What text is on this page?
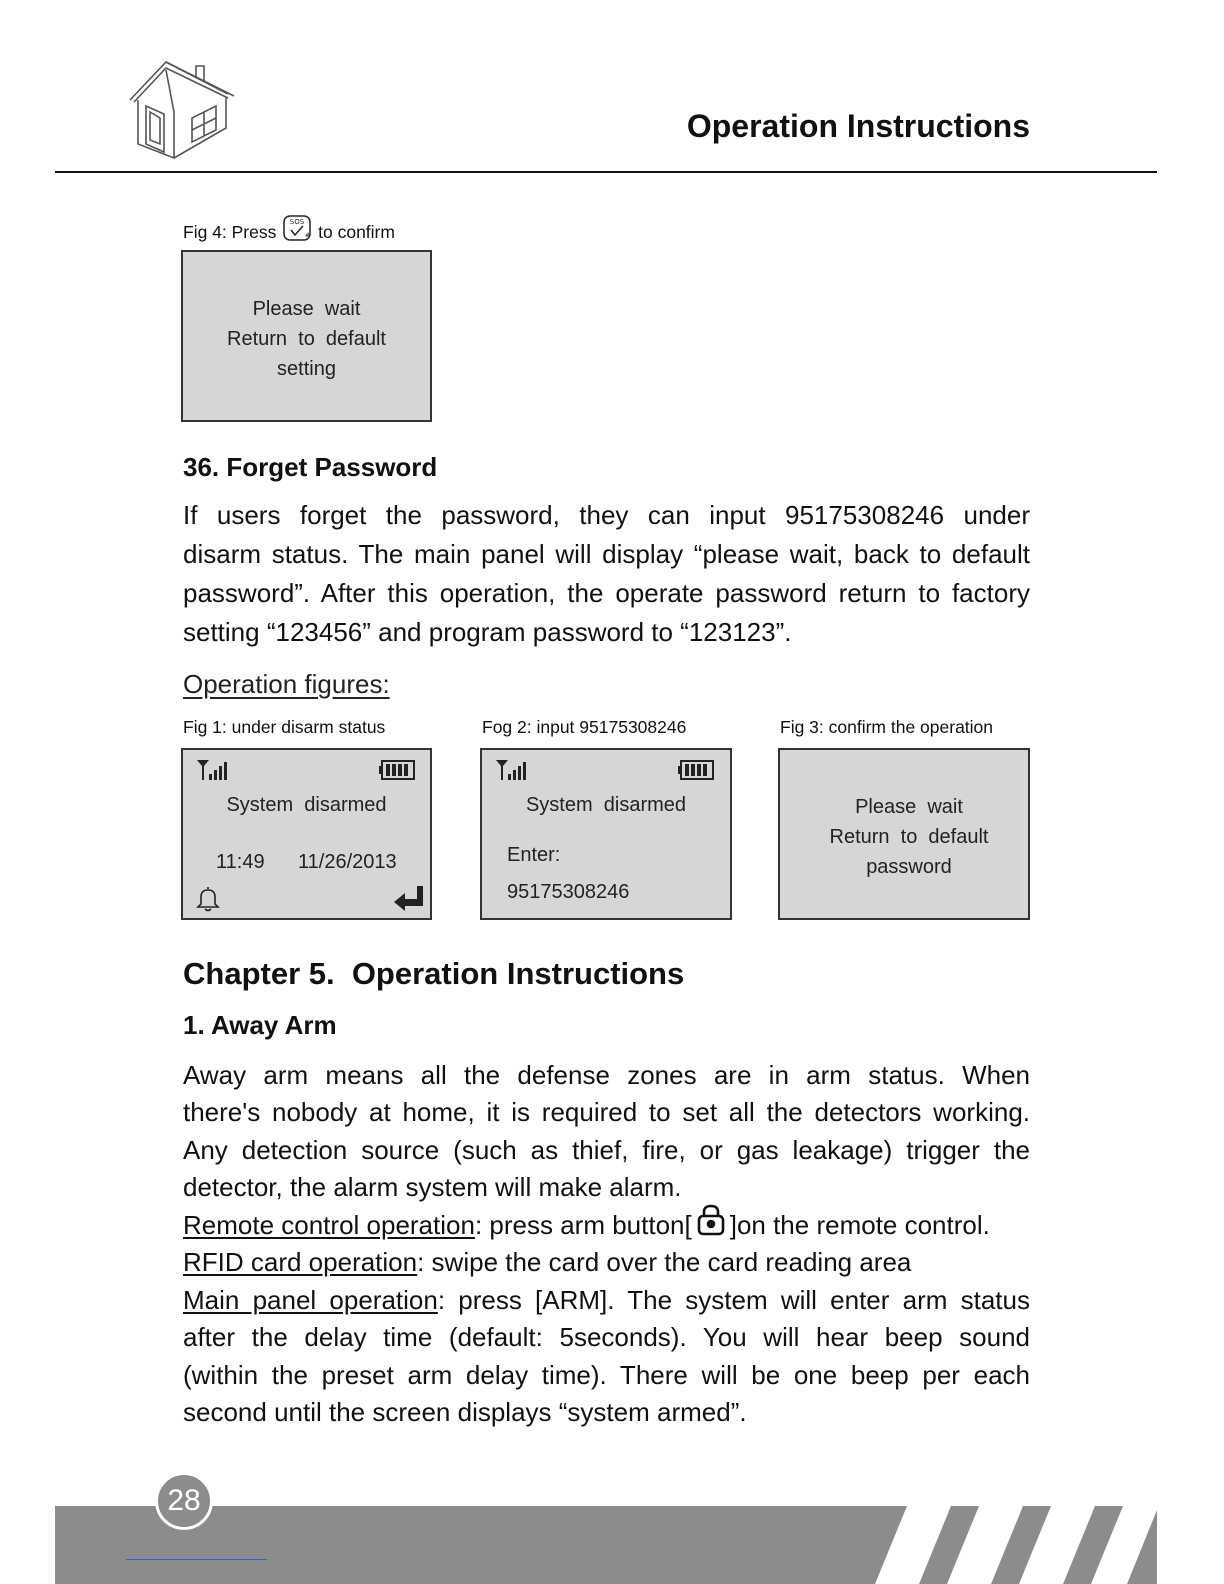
Operation Instructions
Fig 4: Press
SOS
# to confirm
Please  wait
Return  to  default
setting
36. Forget Password
If users forget the password, they can input 95175308246 under
disarm status. The main panel will display “please wait, back to default
password”. After this operation, the operate password return to factory
setting “123456” and program password to “123123”.
Operation figures:
Fig 1: under disarm status
System  disarmed
11:49 11/26/2013
Fog 2: input 95175308246
System  disarmed
Enter:
95175308246
Fig 3: confirm the operation
Please  wait
Return  to  default
password
Chapter 5.  Operation Instructions
1. Away Arm
Away arm means all the defense zones are in arm status. When
there's nobody at home, it is required to set all the detectors working.
Any detection source (such as thief, fire, or gas leakage) trigger the
detector, the alarm system will make alarm.
Remote control operation: press arm button[ ]on the remote control.
RFID card operation: swipe the card over the card reading area
Main panel operation: press [ARM]. The system will enter arm status
after the delay time (default: 5seconds). You will hear beep sound
(within the preset arm delay time). There will be one beep per each
second until the screen displays “system armed”.
28
